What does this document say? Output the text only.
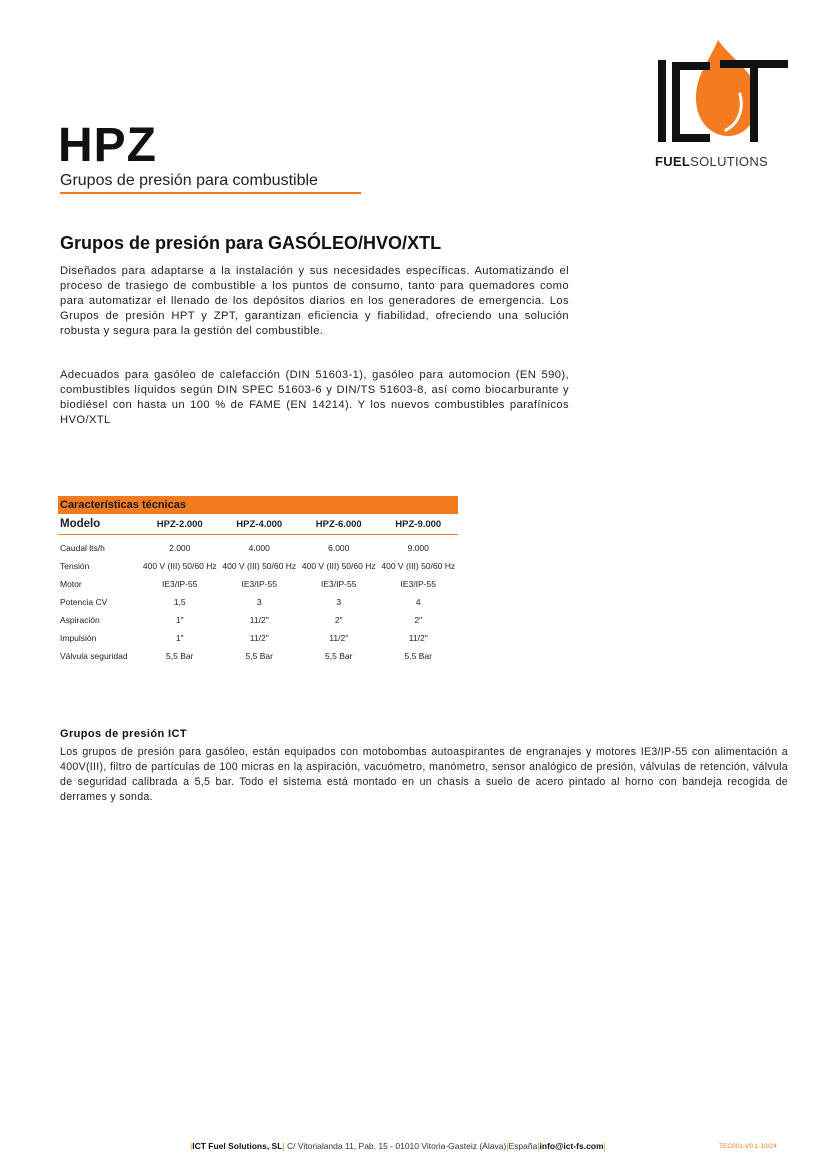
FUELSOLUTIONS
HPZ
Grupos de presión para combustible
Grupos de presión para GASÓLEO/HVO/XTL
Diseñados para adaptarse a la instalación y sus necesidades específicas. Automatizando el proceso de trasiego de combustible a los puntos de consumo, tanto para quemadores como para automatizar el llenado de los depósitos diarios en los generadores de emergencia. Los Grupos de presión HPT y ZPT, garantizan eficiencia y fiabilidad, ofreciendo una solución robusta y segura para la gestión del combustible.
Adecuados para gasóleo de calefacción (DIN 51603-1), gasóleo para automocion (EN 590), combustibles líquidos según DIN SPEC 51603-6 y DIN/TS 51603-8, así como biocarburante y biodiésel con hasta un 100 % de FAME (EN 14214). Y los nuevos combustibles parafínicos HVO/XTL
Características técnicas
Modelo	HPZ-2.000	HPZ-4.000	HPZ-6.000	HPZ-9.000

Caudal lts/h	2.000	4.000	6.000	9.000
Tensión	400 V (III) 50/60 Hz	400 V (III) 50/60 Hz	400 V (III) 50/60 Hz	400 V (III) 50/60 Hz
Motor	IE3/IP-55	IE3/IP-55	IE3/IP-55	IE3/IP-55
Potencia CV	1,5	3	3	4
Aspiración	1"	11/2"	2"	2"
Impulsión	1"	11/2"	11/2"	11/2"
Válvula seguridad	5,5 Bar	5,5 Bar	5,5 Bar	5,5 Bar
Grupos de presión ICT
Los grupos de presión para gasóleo, están equipados con motobombas autoaspirantes de engranajes y motores IE3/IP-55 con alimentación a 400V(III), filtro de partículas de 100 micras en la aspiración, vacuómetro, manómetro, sensor analógico de presión, válvulas de retención, válvula de seguridad calibrada a 5,5 bar. Todo el sistema está montado en un chasis a suelo de acero pintado al horno con bandeja recogida de derrames y sonda.
|ICT Fuel Solutions, SL| C/ Vitorialanda 11, Pab. 15 - 01010 Vitoria-Gasteiz (Álava)|España|info@ict-fs.com|	TEC001-V0.1-10/24
